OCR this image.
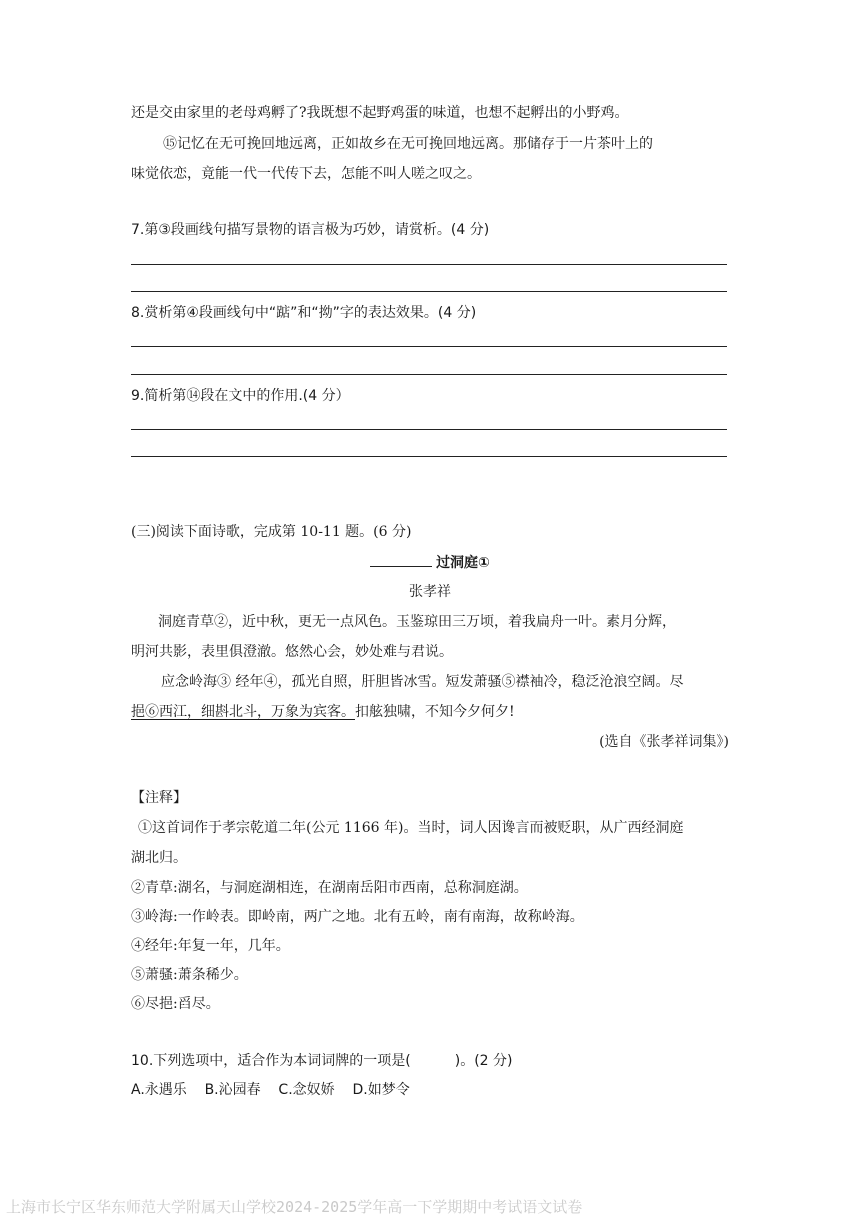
还是交由家里的老母鸡孵了?我既想不起野鸡蛋的味道，也想不起孵出的小野鸡。
⑮记忆在无可挽回地远离，正如故乡在无可挽回地远离。那储存于一片茶叶上的
味觉依恋，竟能一代一代传下去，怎能不叫人嗟之叹之。
7.第③段画线句描写景物的语言极为巧妙，请赏析。(4 分)
8.赏析第④段画线句中“踮”和“拗”字的表达效果。(4 分)
9.简析第⑭段在文中的作用.(4 分）
(三)阅读下面诗歌，完成第 10-11 题。(6 分)
过洞庭①
张孝祥
洞庭青草②，近中秋，更无一点风色。玉鉴琼田三万顷，着我扁舟一叶。素月分辉，
明河共影，表里俱澄澈。悠然心会，妙处难与君说。
应念岭海③ 经年④，孤光自照，肝胆皆冰雪。短发萧骚⑤襟袖冷，稳泛沧浪空阔。尽
挹⑥西江，细斟北斗，万象为宾客。扣舷独啸，不知今夕何夕!
(选自《张孝祥词集》)
【注释】
①这首词作于孝宗乾道二年(公元 1166 年)。当时，词人因谗言而被贬职，从广西经洞庭
湖北归。
②青草:湖名，与洞庭湖相连，在湖南岳阳市西南，总称洞庭湖。
③岭海:一作岭表。即岭南，两广之地。北有五岭，南有南海，故称岭海。
④经年:年复一年，几年。
⑤萧骚:萧条稀少。
⑥尽挹:舀尽。
10.下列选项中，适合作为本词词牌的一项是(	)。(2 分)
A.永遇乐    B.沁园春    C.念奴娇    D.如梦令
上海市长宁区华东师范大学附属天山学校2024-2025学年高一下学期期中考试语文试卷
